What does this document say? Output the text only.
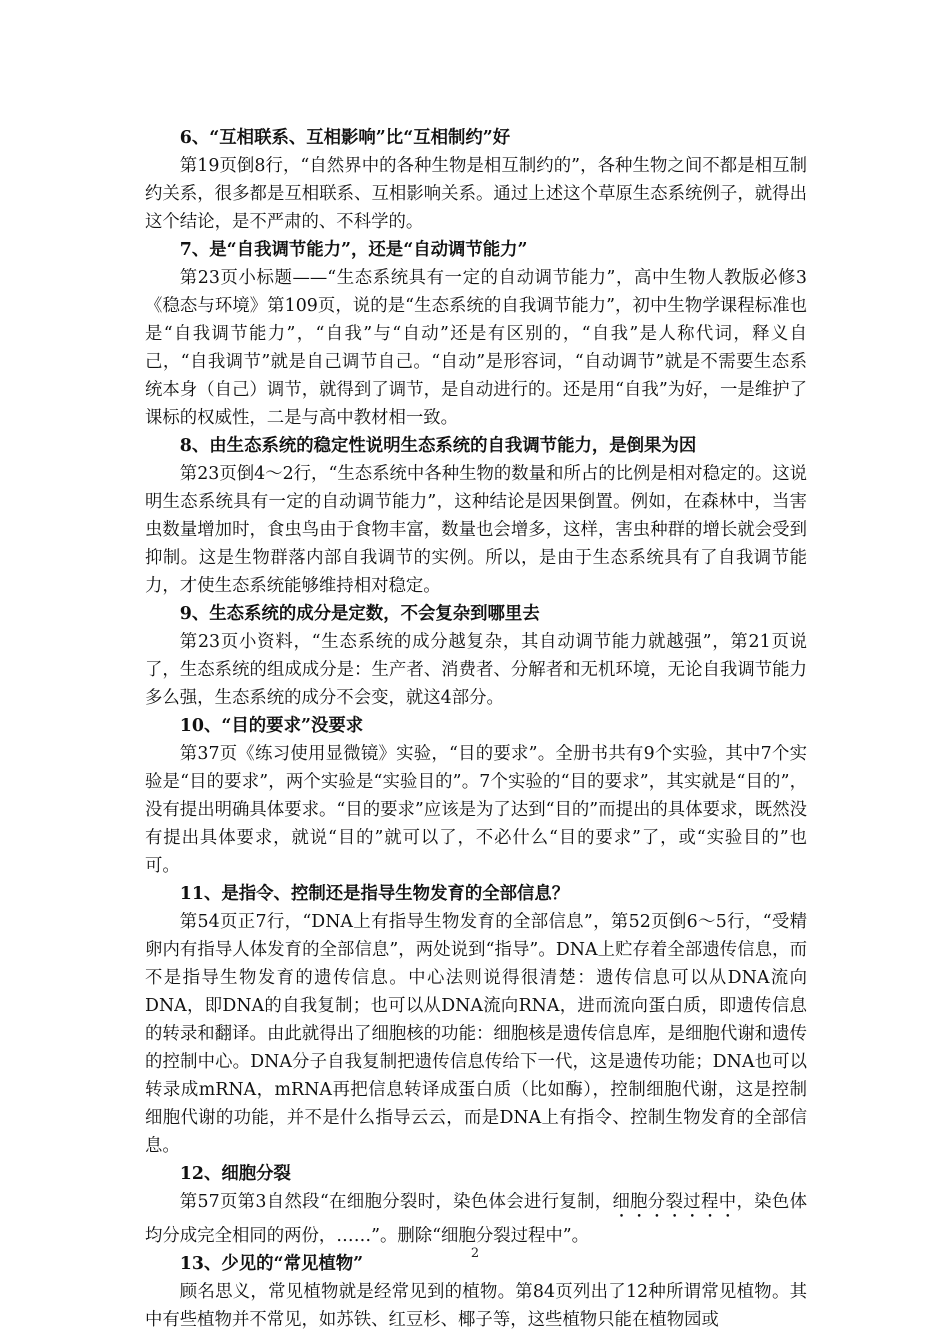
6、“互相联系、互相影响”比“互相制约”好

第19页倒8行，“自然界中的各种生物是相互制约的”，各种生物之间不都是相互制约关系，很多都是互相联系、互相影响关系。通过上述这个草原生态系统例子，就得出这个结论，是不严肃的、不科学的。

7、是“自我调节能力”，还是“自动调节能力”

第23页小标题——“生态系统具有一定的自动调节能力”，高中生物人教版必修3《稳态与环境》第109页，说的是“生态系统的自我调节能力”，初中生物学课程标准也是“自我调节能力”，“自我”与“自动”还是有区别的，“自我”是人称代词，释义自己，“自我调节”就是自己调节自己。“自动”是形容词，“自动调节”就是不需要生态系统本身（自己）调节，就得到了调节，是自动进行的。还是用“自我”为好，一是维护了课标的权威性，二是与高中教材相一致。

8、由生态系统的稳定性说明生态系统的自我调节能力，是倒果为因

第23页倒4～2行，“生态系统中各种生物的数量和所占的比例是相对稳定的。这说明生态系统具有一定的自动调节能力”，这种结论是因果倒置。例如，在森林中，当害虫数量增加时，食虫鸟由于食物丰富，数量也会增多，这样，害虫种群的增长就会受到抑制。这是生物群落内部自我调节的实例。所以，是由于生态系统具有了自我调节能力，才使生态系统能够维持相对稳定。

9、生态系统的成分是定数，不会复杂到哪里去

第23页小资料，“生态系统的成分越复杂，其自动调节能力就越强”，第21页说了，生态系统的组成成分是：生产者、消费者、分解者和无机环境，无论自我调节能力多么强，生态系统的成分不会变，就这4部分。

10、“目的要求”没要求

第37页《练习使用显微镜》实验，“目的要求”。全册书共有9个实验，其中7个实验是“目的要求”，两个实验是“实验目的”。7个实验的“目的要求”，其实就是“目的”，没有提出明确具体要求。“目的要求”应该是为了达到“目的”而提出的具体要求，既然没有提出具体要求，就说“目的”就可以了，不必什么“目的要求”了，或“实验目的”也可。

11、是指令、控制还是指导生物发育的全部信息？

第54页正7行，“DNA上有指导生物发育的全部信息”，第52页倒6～5行，“受精卵内有指导人体发育的全部信息”，两处说到“指导”。DNA上贮存着全部遗传信息，而不是指导生物发育的遗传信息。中心法则说得很清楚：遗传信息可以从DNA流向DNA，即DNA的自我复制；也可以从DNA流向RNA，进而流向蛋白质，即遗传信息的转录和翻译。由此就得出了细胞核的功能：细胞核是遗传信息库，是细胞代谢和遗传的控制中心。DNA分子自我复制把遗传信息传给下一代，这是遗传功能；DNA也可以转录成mRNA，mRNA再把信息转译成蛋白质（比如酶），控制细胞代谢，这是控制细胞代谢的功能，并不是什么指导云云，而是DNA上有指令、控制生物发育的全部信息。

12、细胞分裂

第57页第3自然段“在细胞分裂时，染色体会进行复制，细胞分裂过程中，染色体均分成完全相同的两份，……”。删除“细胞分裂过程中”。

13、少见的“常见植物”

顾名思义，常见植物就是经常见到的植物。第84页列出了12种所谓常见植物。其中有些植物并不常见，如苏铁、红豆杉、椰子等，这些植物只能在植物园或

2
